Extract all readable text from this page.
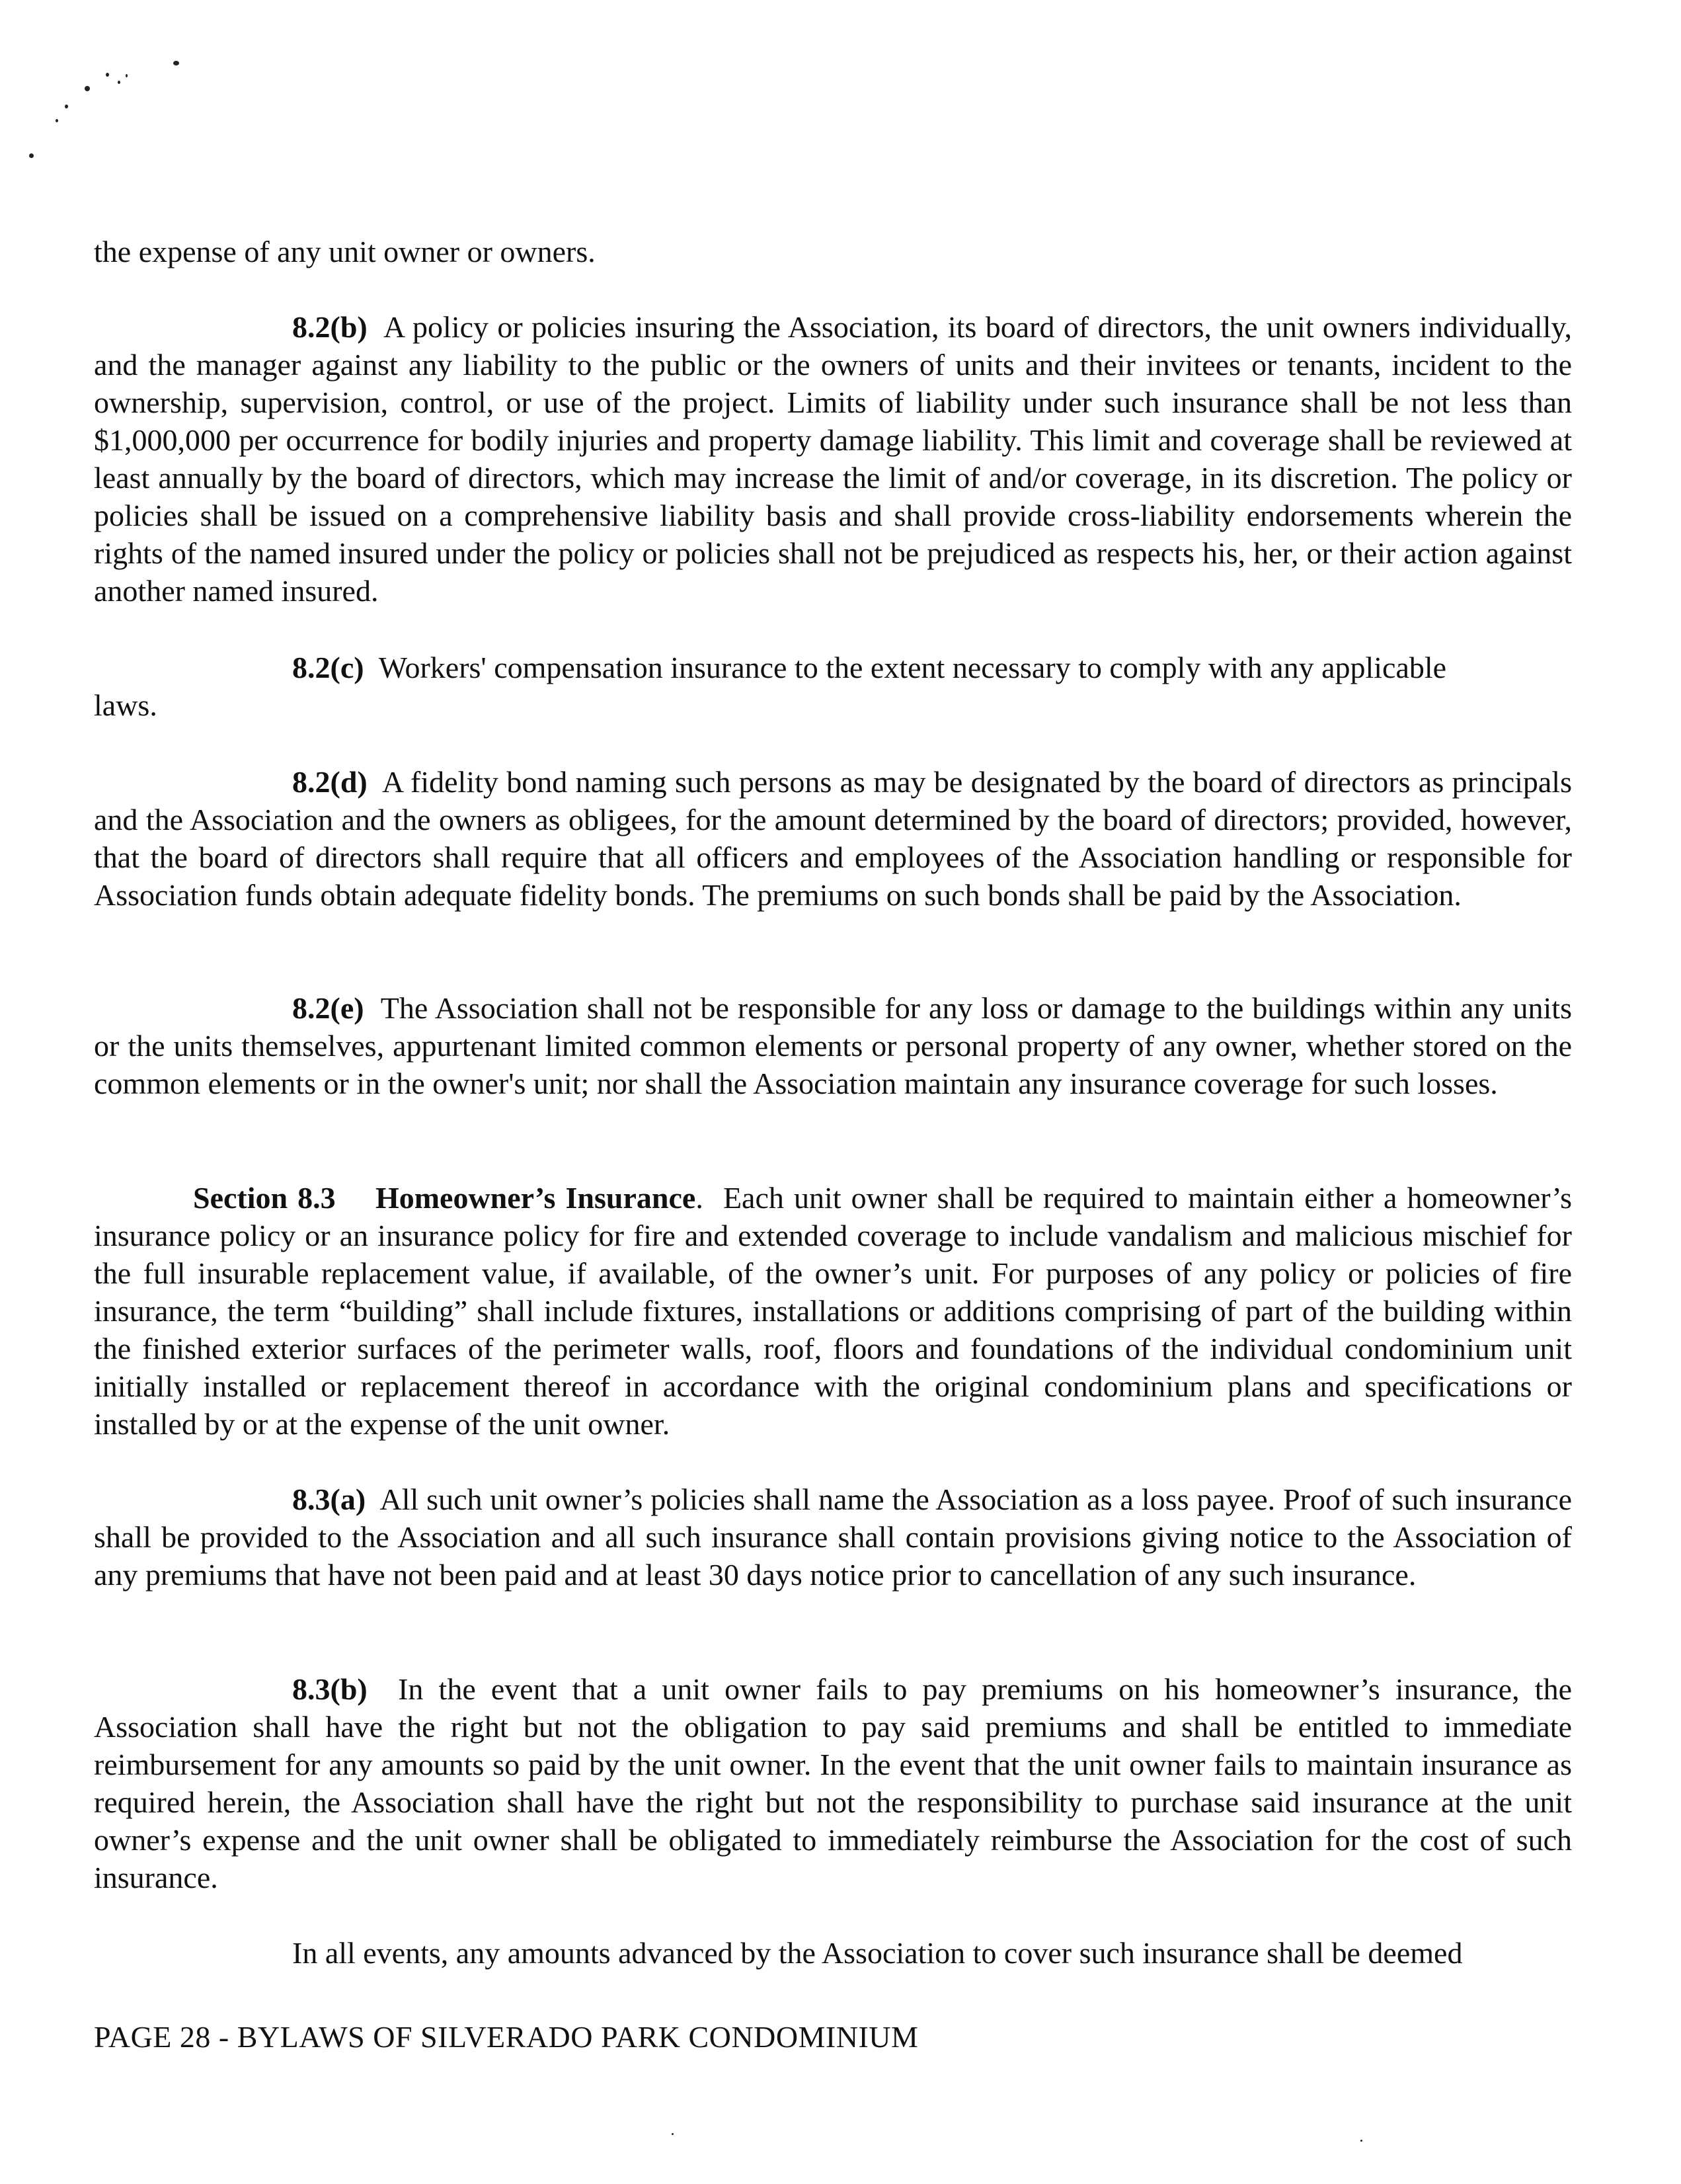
the expense of any unit owner or owners.
8.2(b) A policy or policies insuring the Association, its board of directors, the unit owners individually, and the manager against any liability to the public or the owners of units and their invitees or tenants, incident to the ownership, supervision, control, or use of the project. Limits of liability under such insurance shall be not less than $1,000,000 per occurrence for bodily injuries and property damage liability. This limit and coverage shall be reviewed at least annually by the board of directors, which may increase the limit of and/or coverage, in its discretion. The policy or policies shall be issued on a comprehensive liability basis and shall provide cross-liability endorsements wherein the rights of the named insured under the policy or policies shall not be prejudiced as respects his, her, or their action against another named insured.
8.2(c) Workers' compensation insurance to the extent necessary to comply with any applicable
laws.
8.2(d) A fidelity bond naming such persons as may be designated by the board of directors as principals and the Association and the owners as obligees, for the amount determined by the board of directors; provided, however, that the board of directors shall require that all officers and employees of the Association handling or responsible for Association funds obtain adequate fidelity bonds. The premiums on such bonds shall be paid by the Association.
8.2(e) The Association shall not be responsible for any loss or damage to the buildings within any units or the units themselves, appurtenant limited common elements or personal property of any owner, whether stored on the common elements or in the owner's unit; nor shall the Association maintain any insurance coverage for such losses.
Section 8.3 Homeowner’s Insurance.  Each unit owner shall be required to maintain either a homeowner’s insurance policy or an insurance policy for fire and extended coverage to include vandalism and malicious mischief for the full insurable replacement value, if available, of the owner’s unit. For purposes of any policy or policies of fire insurance, the term “building” shall include fixtures, installations or additions comprising of part of the building within the finished exterior surfaces of the perimeter walls, roof, floors and foundations of the individual condominium unit initially installed or replacement thereof in accordance with the original condominium plans and specifications or installed by or at the expense of the unit owner.
8.3(a) All such unit owner’s policies shall name the Association as a loss payee. Proof of such insurance shall be provided to the Association and all such insurance shall contain provisions giving notice to the Association of any premiums that have not been paid and at least 30 days notice prior to cancellation of any such insurance.
8.3(b) In the event that a unit owner fails to pay premiums on his homeowner’s insurance, the Association shall have the right but not the obligation to pay said premiums and shall be entitled to immediate reimbursement for any amounts so paid by the unit owner. In the event that the unit owner fails to maintain insurance as required herein, the Association shall have the right but not the responsibility to purchase said insurance at the unit owner’s expense and the unit owner shall be obligated to immediately reimburse the Association for the cost of such insurance.
In all events, any amounts advanced by the Association to cover such insurance shall be deemed
PAGE 28 - BYLAWS OF SILVERADO PARK CONDOMINIUM
